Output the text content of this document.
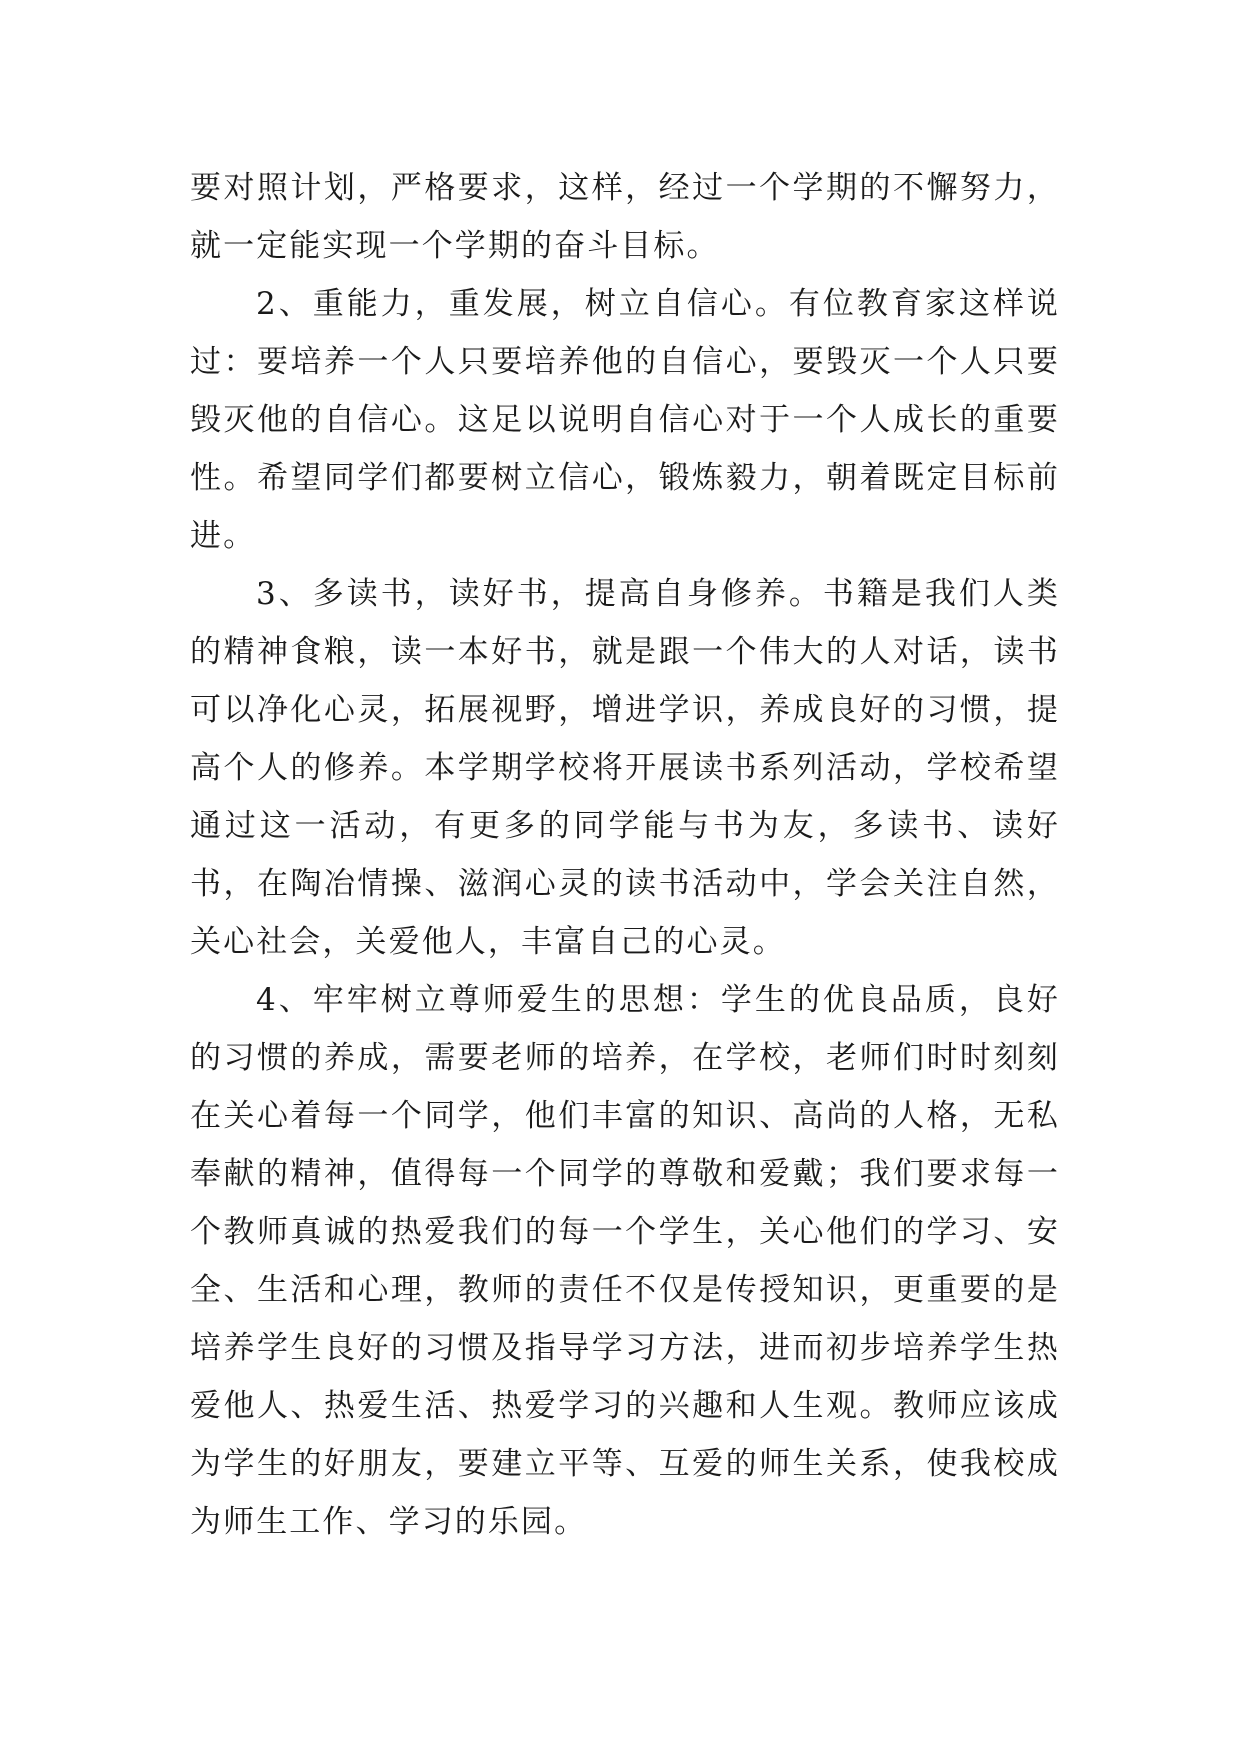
要对照计划，严格要求，这样，经过一个学期的不懈努力，就一定能实现一个学期的奋斗目标。

2、重能力，重发展，树立自信心。有位教育家这样说过：要培养一个人只要培养他的自信心，要毁灭一个人只要毁灭他的自信心。这足以说明自信心对于一个人成长的重要性。希望同学们都要树立信心，锻炼毅力，朝着既定目标前进。

3、多读书，读好书，提高自身修养。书籍是我们人类的精神食粮，读一本好书，就是跟一个伟大的人对话，读书可以净化心灵，拓展视野，增进学识，养成良好的习惯，提高个人的修养。本学期学校将开展读书系列活动，学校希望通过这一活动，有更多的同学能与书为友，多读书、读好书，在陶冶情操、滋润心灵的读书活动中，学会关注自然，关心社会，关爱他人，丰富自己的心灵。

4、牢牢树立尊师爱生的思想：学生的优良品质，良好的习惯的养成，需要老师的培养，在学校，老师们时时刻刻在关心着每一个同学，他们丰富的知识、高尚的人格，无私奉献的精神，值得每一个同学的尊敬和爱戴；我们要求每一个教师真诚的热爱我们的每一个学生，关心他们的学习、安全、生活和心理，教师的责任不仅是传授知识，更重要的是培养学生良好的习惯及指导学习方法，进而初步培养学生热爱他人、热爱生活、热爱学习的兴趣和人生观。教师应该成为学生的好朋友，要建立平等、互爱的师生关系，使我校成为师生工作、学习的乐园。
